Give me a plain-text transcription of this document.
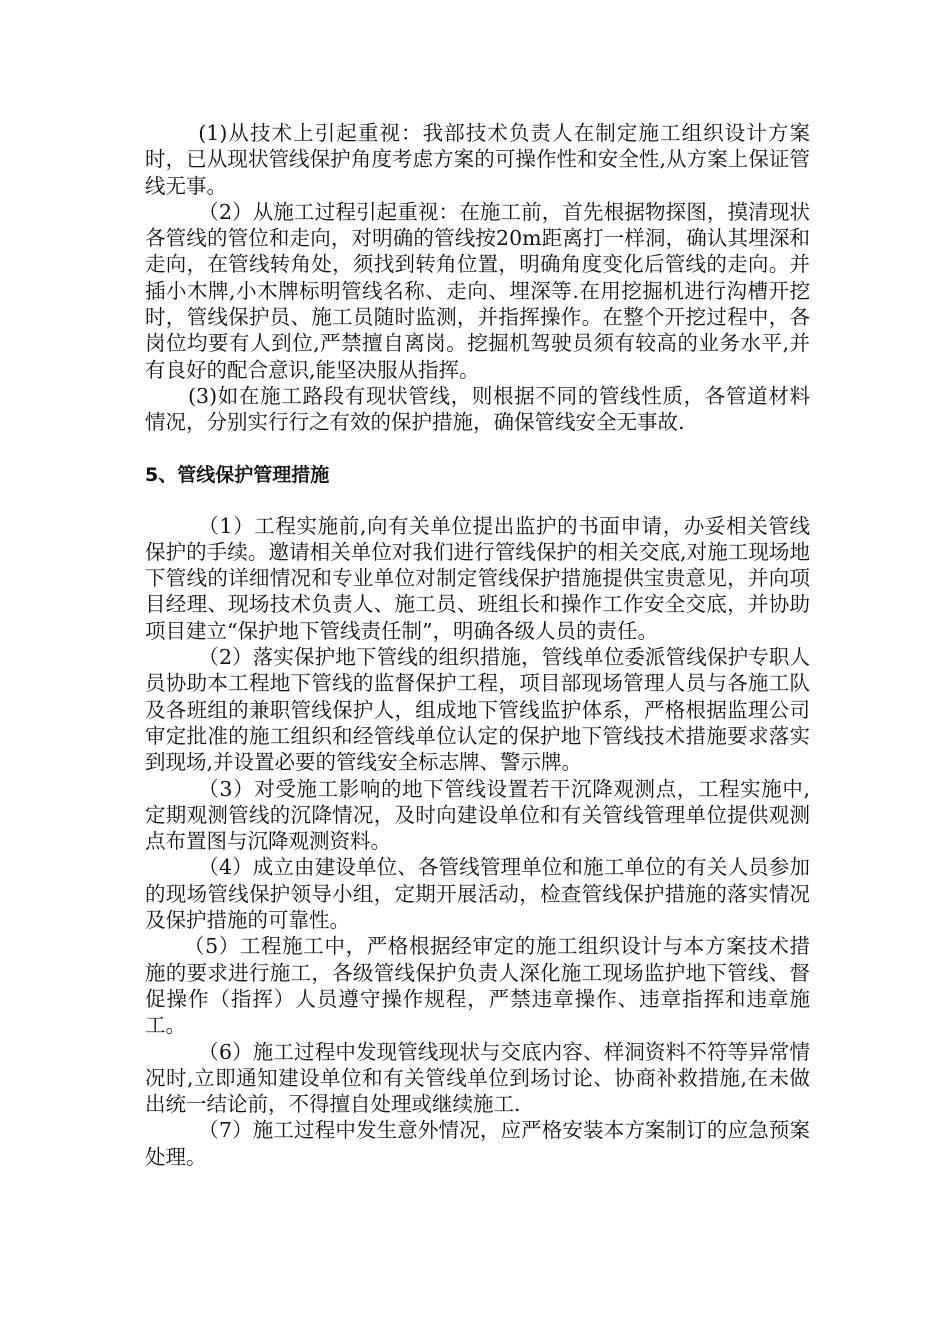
(1)从技术上引起重视：我部技术负责人在制定施工组织设计方案时，已从现状管线保护角度考虑方案的可操作性和安全性,从方案上保证管线无事。

（2）从施工过程引起重视：在施工前，首先根据物探图，摸清现状各管线的管位和走向，对明确的管线按20m距离打一样洞，确认其埋深和走向，在管线转角处，须找到转角位置，明确角度变化后管线的走向。并插小木牌,小木牌标明管线名称、走向、埋深等.在用挖掘机进行沟槽开挖时，管线保护员、施工员随时监测，并指挥操作。在整个开挖过程中，各岗位均要有人到位,严禁擅自离岗。挖掘机驾驶员须有较高的业务水平,并有良好的配合意识,能坚决服从指挥。

(3)如在施工路段有现状管线，则根据不同的管线性质，各管道材料情况，分别实行行之有效的保护措施，确保管线安全无事故.

5、管线保护管理措施

（1）工程实施前,向有关单位提出监护的书面申请，办妥相关管线保护的手续。邀请相关单位对我们进行管线保护的相关交底,对施工现场地下管线的详细情况和专业单位对制定管线保护措施提供宝贵意见，并向项目经理、现场技术负责人、施工员、班组长和操作工作安全交底，并协助项目建立“保护地下管线责任制”，明确各级人员的责任。

（2）落实保护地下管线的组织措施，管线单位委派管线保护专职人员协助本工程地下管线的监督保护工程，项目部现场管理人员与各施工队及各班组的兼职管线保护人，组成地下管线监护体系，严格根据监理公司审定批准的施工组织和经管线单位认定的保护地下管线技术措施要求落实到现场,并设置必要的管线安全标志牌、警示牌。

（3）对受施工影响的地下管线设置若干沉降观测点，工程实施中,定期观测管线的沉降情况，及时向建设单位和有关管线管理单位提供观测点布置图与沉降观测资料。

（4）成立由建设单位、各管线管理单位和施工单位的有关人员参加的现场管线保护领导小组，定期开展活动，检查管线保护措施的落实情况及保护措施的可靠性。

（5）工程施工中，严格根据经审定的施工组织设计与本方案技术措施的要求进行施工，各级管线保护负责人深化施工现场监护地下管线、督促操作（指挥）人员遵守操作规程，严禁违章操作、违章指挥和违章施工。

（6）施工过程中发现管线现状与交底内容、样洞资料不符等异常情况时,立即通知建设单位和有关管线单位到场讨论、协商补救措施,在未做出统一结论前，不得擅自处理或继续施工.

（7）施工过程中发生意外情况，应严格安装本方案制订的应急预案处理。
